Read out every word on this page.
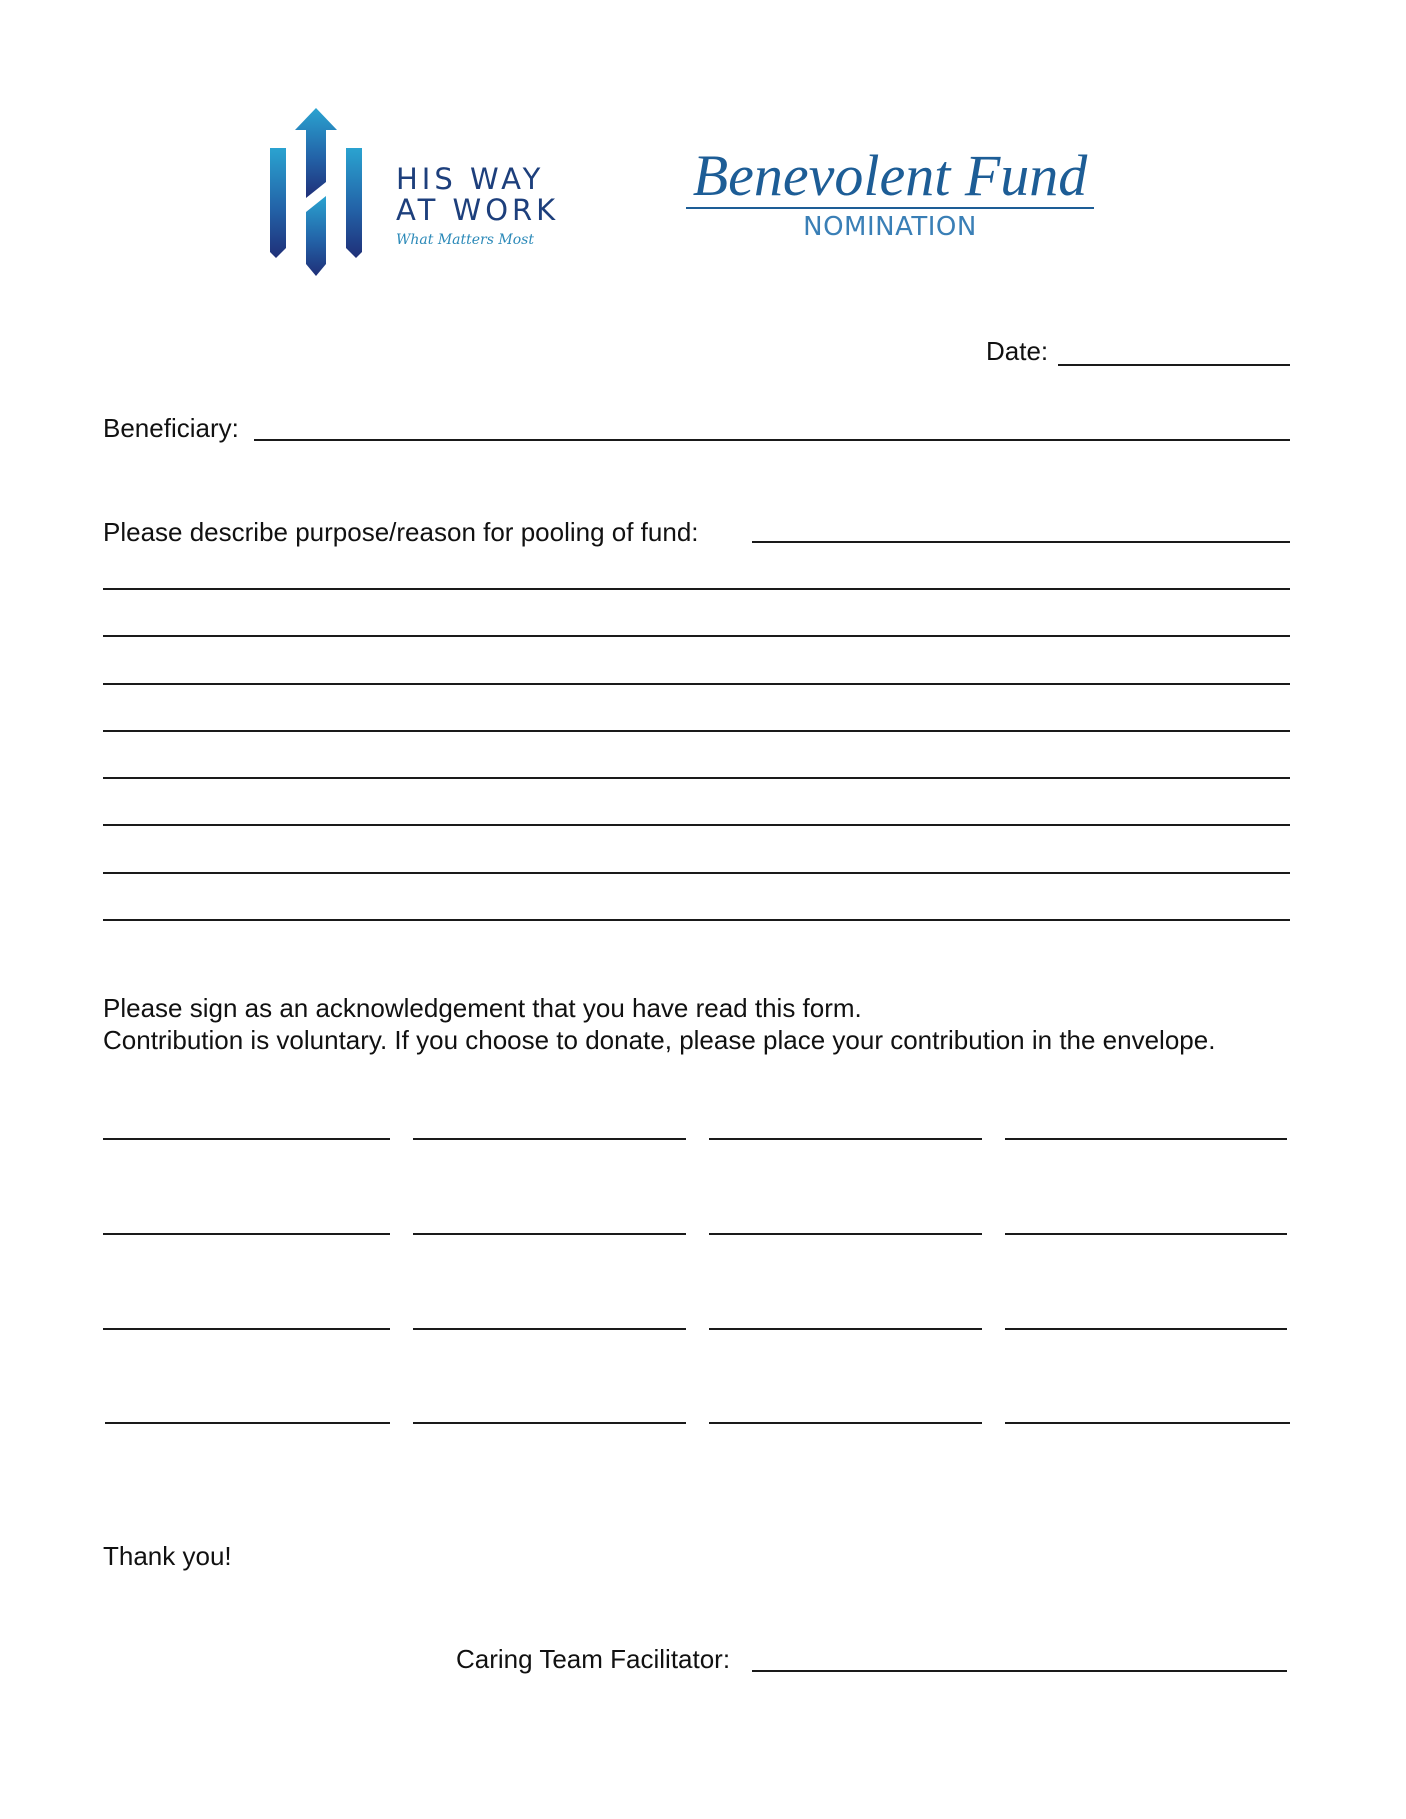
HIS WAY
AT WORK
What Matters Most
Benevolent Fund
NOMINATION
Date:
Beneficiary:
Please describe purpose/reason for pooling of fund:
Please sign as an acknowledgement that you have read this form.
Contribution is voluntary. If you choose to donate, please place your contribution in the envelope.
Thank you!
Caring Team Facilitator:
